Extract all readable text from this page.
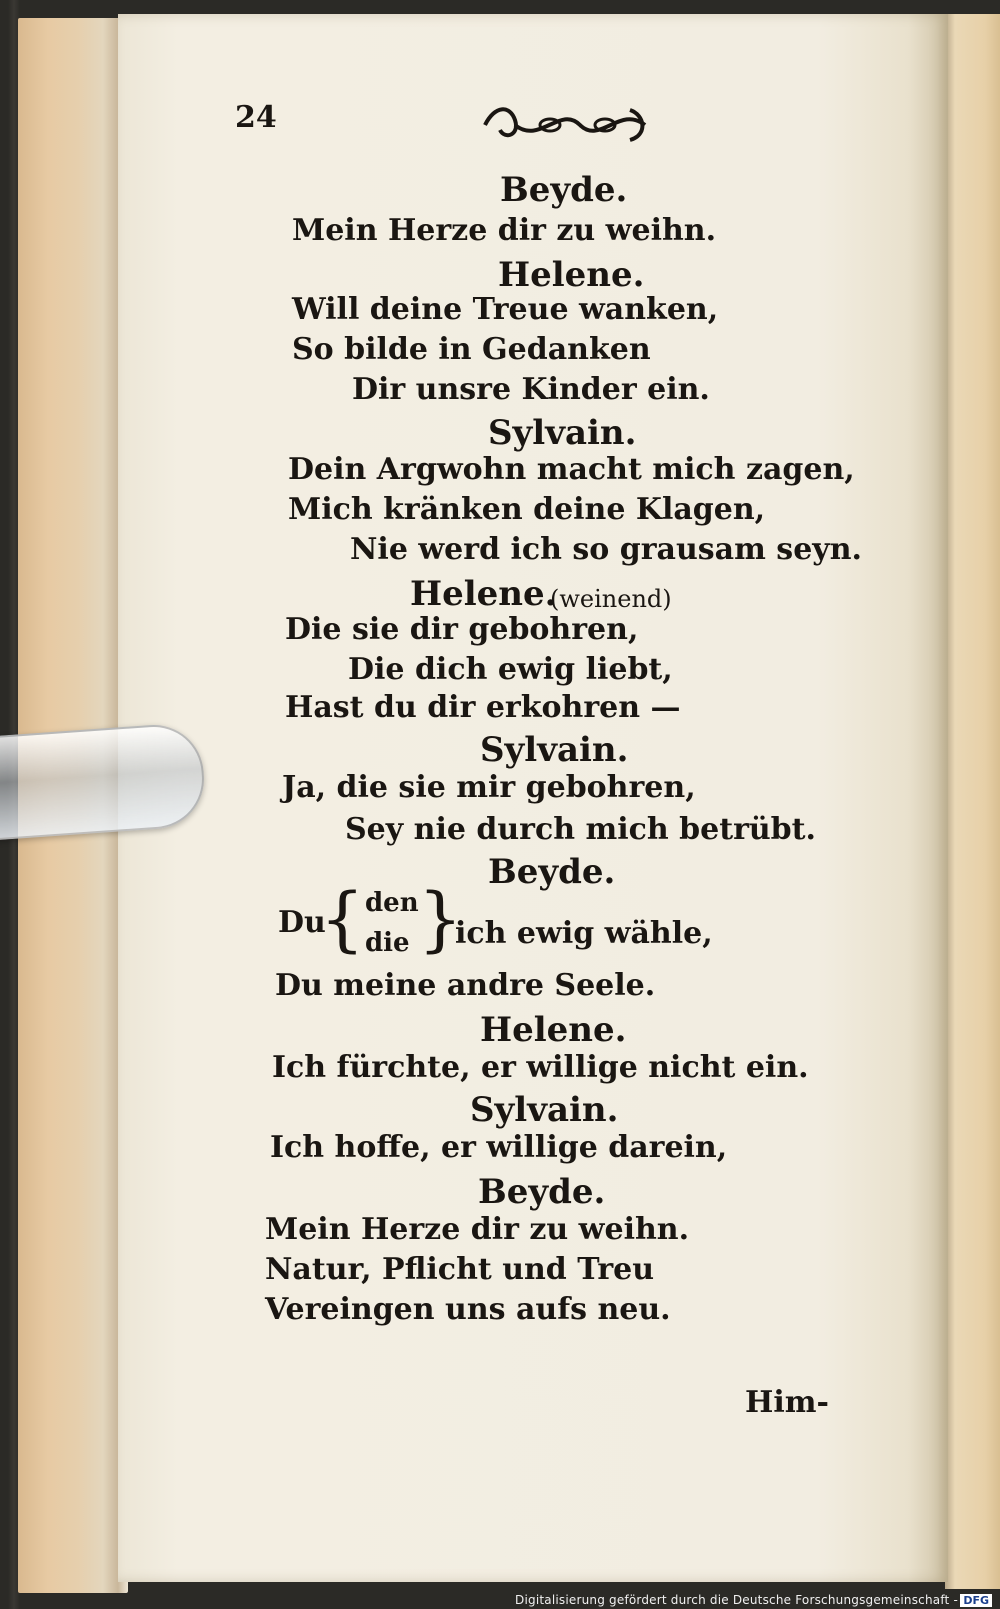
24
Beyde.
Mein Herze dir zu weihn.
Helene.
Will deine Treue wanken,
So bilde in Gedanken
Dir unsre Kinder ein.
Sylvain.
Dein Argwohn macht mich zagen,
Mich kränken deine Klagen,
Nie werd ich so grausam seyn.
Helene.
(weinend)
Die sie dir gebohren,
Die dich ewig liebt,
Hast du dir erkohren —
Sylvain.
Ja, die sie mir gebohren,
Sey nie durch mich betrübt.
Beyde.
Du
{ den
die }
ich ewig wähle,
Du meine andre Seele.
Helene.
Ich fürchte, er willige nicht ein.
Sylvain.
Ich hoffe, er willige darein,
Beyde.
Mein Herze dir zu weihn.
Natur, Pflicht und Treu
Vereingen uns aufs neu.
Him-
Digitalisierung gefördert durch die Deutsche Forschungsgemeinschaft - DFG
